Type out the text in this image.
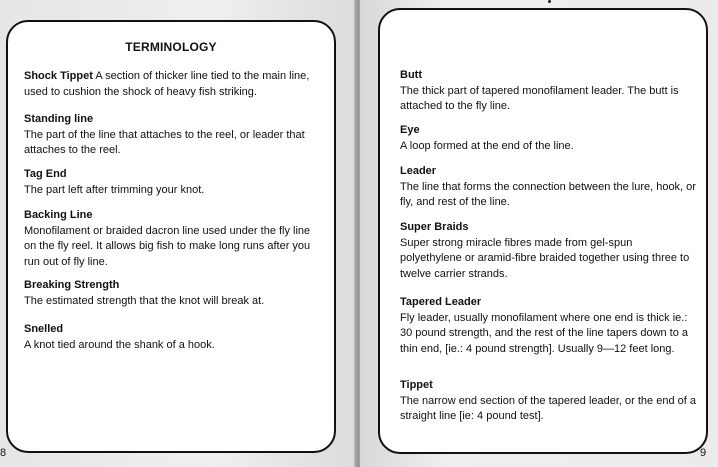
TERMINOLOGY
Shock Tippet A section of thicker line tied to the main line, used to cushion the shock of heavy fish striking.
Standing line
The part of the line that attaches to the reel, or leader that attaches to the reel.
Tag End
The part left after trimming your knot.
Backing Line
Monofilament or braided dacron line used under the fly line on the fly reel. It allows big fish to make long runs after you run out of fly line.
Breaking Strength
The estimated strength that the knot will break at.
Snelled
A knot tied around the shank of a hook.
8	9
Butt
The thick part of tapered monofilament leader. The butt is attached to the fly line.
Eye
A loop formed at the end of the line.
Leader
The line that forms the connection between the lure, hook, or fly, and rest of the line.
Super Braids
Super strong miracle fibres made from gel-spun polyethylene or aramid-fibre braided together using three to twelve carrier strands.
Tapered Leader
Fly leader, usually monofilament where one end is thick ie.: 30 pound strength, and the rest of the line tapers down to a thin end, [ie.: 4 pound strength]. Usually 9—12 feet long.
Tippet
The narrow end section of the tapered leader, or the end of a straight line [ie: 4 pound test].
